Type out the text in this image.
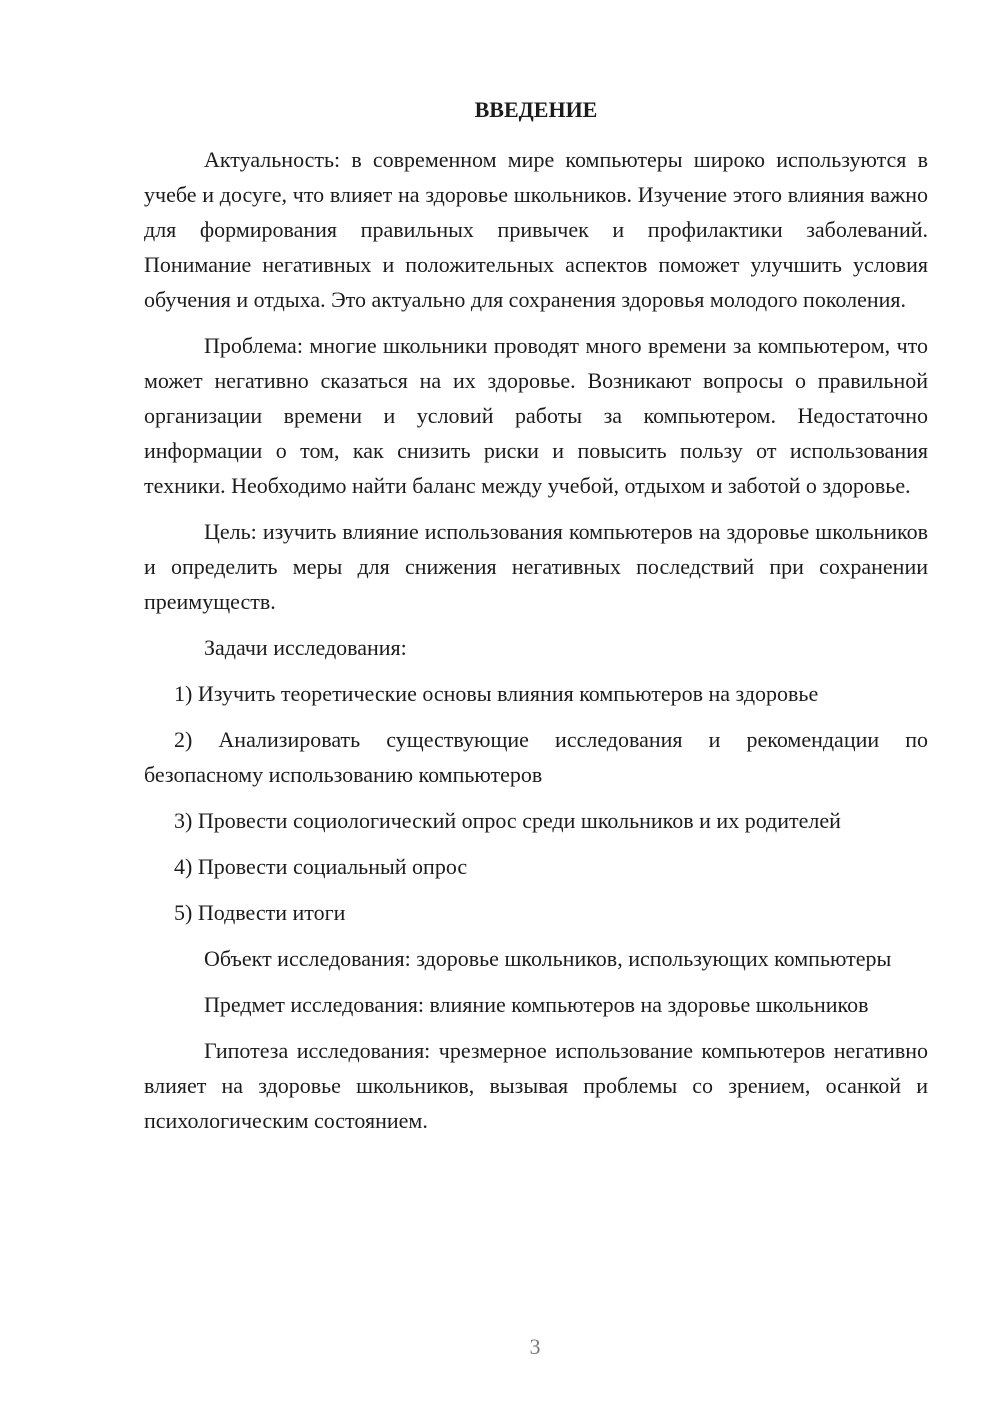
ВВЕДЕНИЕ

Актуальность: в современном мире компьютеры широко используются в учебе и досуге, что влияет на здоровье школьников. Изучение этого влияния важно для формирования правильных привычек и профилактики заболеваний. Понимание негативных и положительных аспектов поможет улучшить условия обучения и отдыха. Это актуально для сохранения здоровья молодого поколения.

Проблема: многие школьники проводят много времени за компьютером, что может негативно сказаться на их здоровье. Возникают вопросы о правильной организации времени и условий работы за компьютером. Недостаточно информации о том, как снизить риски и повысить пользу от использования техники. Необходимо найти баланс между учебой, отдыхом и заботой о здоровье.

Цель: изучить влияние использования компьютеров на здоровье школьников и определить меры для снижения негативных последствий при сохранении преимуществ.

Задачи исследования:

1) Изучить теоретические основы влияния компьютеров на здоровье

2) Анализировать существующие исследования и рекомендации по безопасному использованию компьютеров

3) Провести социологический опрос среди школьников и их родителей

4) Провести социальный опрос

5) Подвести итоги

Объект исследования: здоровье школьников, использующих компьютеры

Предмет исследования: влияние компьютеров на здоровье школьников

Гипотеза исследования: чрезмерное использование компьютеров негативно влияет на здоровье школьников, вызывая проблемы со зрением, осанкой и психологическим состоянием.

3
